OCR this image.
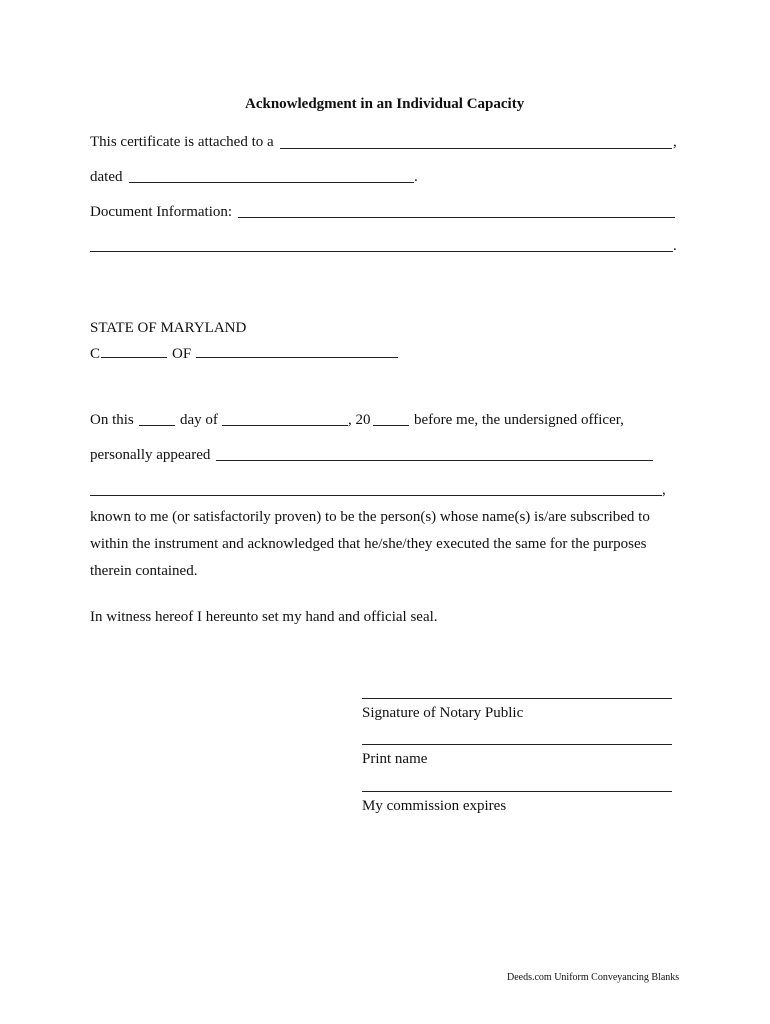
Acknowledgment in an Individual Capacity
This certificate is attached to a	,
dated	.
Document Information:
.
STATE OF MARYLAND
C	OF
On this	day of	, 20	before me, the undersigned officer,
personally appeared
,
known to me (or satisfactorily proven) to be the person(s) whose name(s) is/are subscribed to
within the instrument and acknowledged that he/she/they executed the same for the purposes
therein contained.
In witness hereof I hereunto set my hand and official seal.
Signature of Notary Public
Print name
My commission expires
Deeds.com Uniform Conveyancing Blanks
